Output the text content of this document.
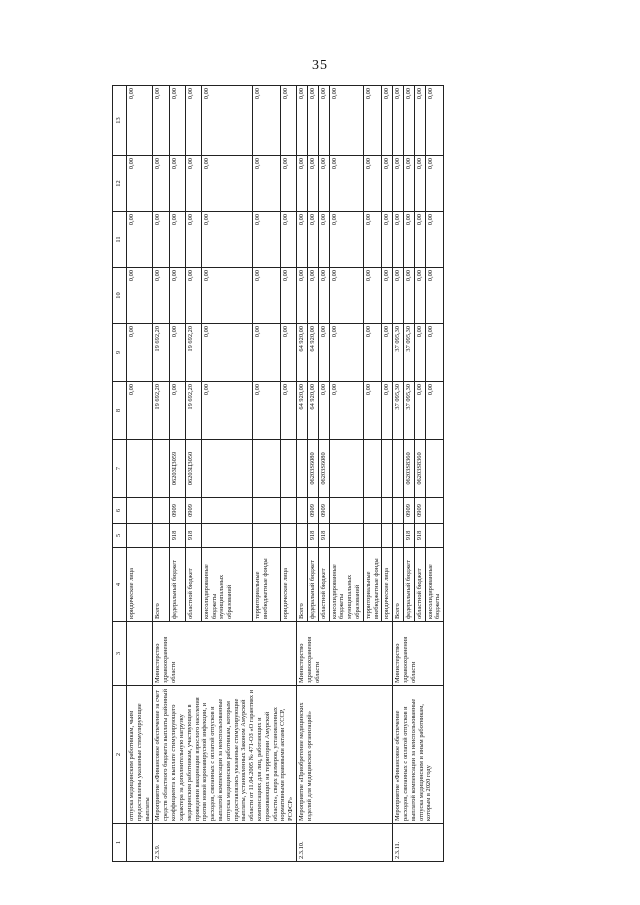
35
1	2	3	4	5	6	7	8	9	10	11	12	13
	отпуска медицинским работникам, чьим предоставлены указанные стимулирующие выплаты		юридические лица				0,00	0,00	0,00	0,00	0,00	0,00
2.3.9.	Мероприятие «Финансовое обеспечение за счет средств областного бюджета выплаты районный коэффициента к выплате стимулирующего характера за дополнительную нагрузку медицинским работникам, участвующим в проведении вакцинации взрослого населения против новой коронавирусной инфекции, и расходов, связанных с оплатой отпусков и выплатой компенсации за неиспользованные отпуска медицинским работникам, которым предоставлялись указанные стимулирующие выплаты, установленных Законом Амурской области от 11.04.2005 № 471-ОЗ «О гарантиях и компенсациях для лиц, работающих и проживающих на территории Амурской области», сверх размеров, установленных нормативными правовыми актами СССР, РСФСР»	Министерство здравоохранения области	Всего				19 692,20	19 692,20	0,00	0,00	0,00	0,00
			федеральный бюджет	918	0909	06203Ц3059	0,00	0,00	0,00	0,00	0,00	0,00
			областной бюджет	918	0909	06203Ц3050	19 692,20	19 692,20	0,00	0,00	0,00	0,00
			консолидированные бюджеты муниципальных образований				0,00	0,00	0,00	0,00	0,00	0,00
			территориальные внебюджетные фонды				0,00	0,00	0,00	0,00	0,00	0,00
			юридические лица				0,00	0,00	0,00	0,00	0,00	0,00
2.3.10.	Мероприятие «Приобретение медицинских изделий для медицинских организаций»	Министерство здравоохранения области	Всего				64 920,00	64 920,00	0,00	0,00	0,00	0,00
			федеральный бюджет	918	0909	06203S6080	64 920,00	64 920,00	0,00	0,00	0,00	0,00
			областной бюджет	918	0909	06203S6080	0,00	0,00	0,00	0,00	0,00	0,00
			консолидированные бюджеты муниципальных образований				0,00	0,00	0,00	0,00	0,00	0,00
			территориальные внебюджетные фонды				0,00	0,00	0,00	0,00	0,00	0,00
			юридические лица				0,00	0,00	0,00	0,00	0,00	0,00
2.3.11.	Мероприятие «Финансовое обеспечение расходов, связанных с оплатой отпусков и выплатой компенсации за неиспользованные отпуска медицинским и иным работникам, которым в 2020 году	Министерство здравоохранения области	Всего				37 095,30	37 095,30	0,00	0,00	0,00	0,00
			федеральный бюджет	918	0909	06203S8360	37 095,30	37 095,30	0,00	0,00	0,00	0,00
			областной бюджет	918	0909	06203S8360	0,00	0,00	0,00	0,00	0,00	0,00
			консолидированные бюджеты				0,00	0,00	0,00	0,00	0,00	0,00
